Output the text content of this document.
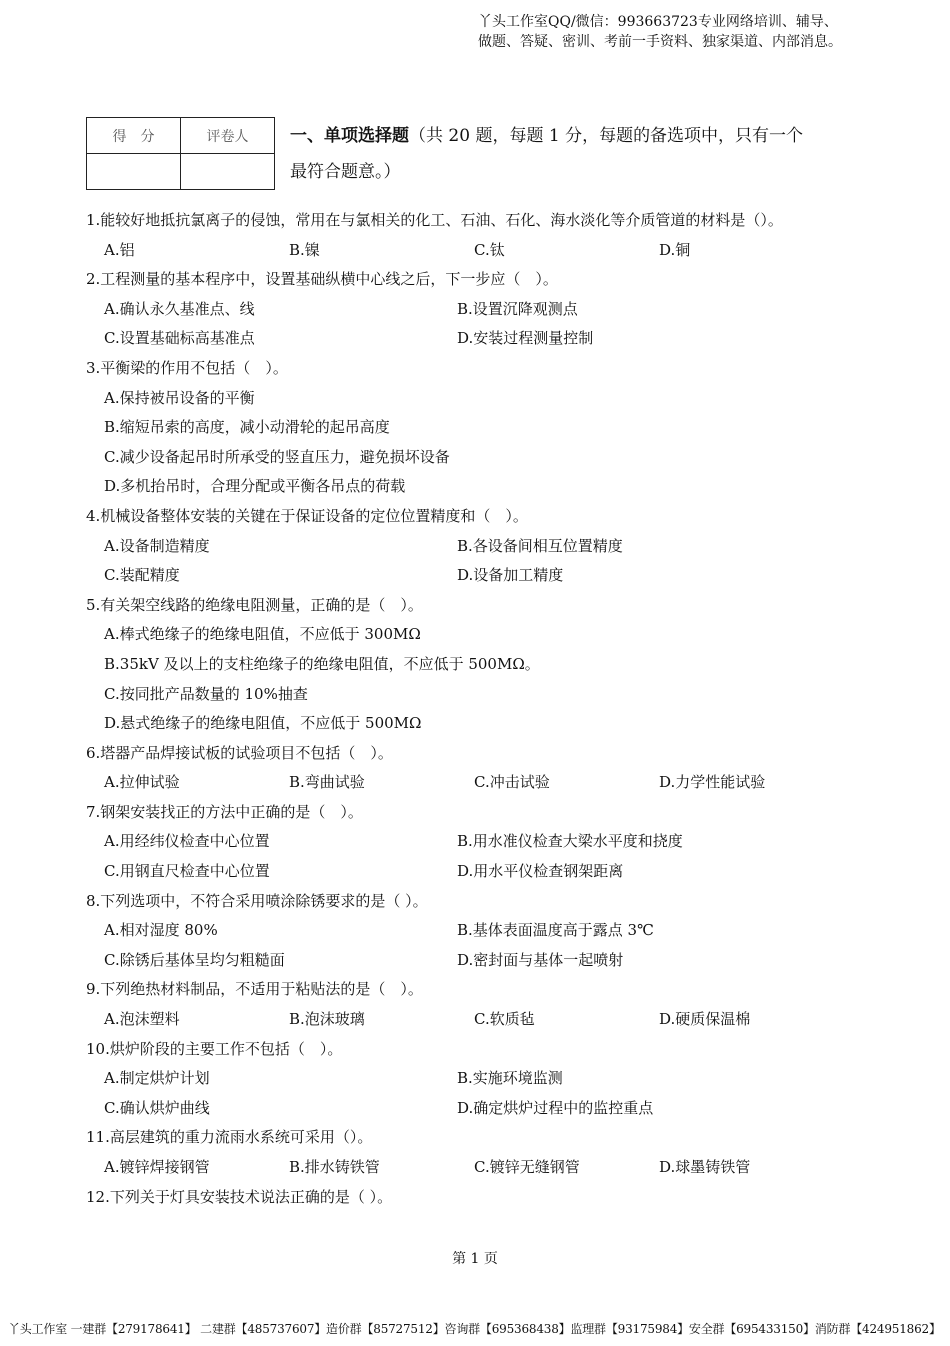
丫头工作室QQ/微信：993663723专业网络培训、辅导、
做题、答疑、密训、考前一手资料、独家渠道、内部消息。
得　分	评卷人
	一、单项选择题（共 20 题，每题 1 分，每题的备选项中，只有一个
最符合题意。）
1.能较好地抵抗氯离子的侵蚀，常用在与氯相关的化工、石油、石化、海水淡化等介质管道的材料是（）。
A.铝	B.镍	C.钛	D.铜
2.工程测量的基本程序中，设置基础纵横中心线之后，下一步应（　）。
A.确认永久基准点、线	B.设置沉降观测点
C.设置基础标高基准点	D.安装过程测量控制
3.平衡梁的作用不包括（　）。
A.保持被吊设备的平衡
B.缩短吊索的高度，减小动滑轮的起吊高度
C.减少设备起吊时所承受的竖直压力，避免损坏设备
D.多机抬吊时，合理分配或平衡各吊点的荷载
4.机械设备整体安装的关键在于保证设备的定位位置精度和（　）。
A.设备制造精度	B.各设备间相互位置精度
C.装配精度	D.设备加工精度
5.有关架空线路的绝缘电阻测量，正确的是（　）。
A.棒式绝缘子的绝缘电阻值，不应低于 300MΩ
B.35kV 及以上的支柱绝缘子的绝缘电阻值，不应低于 500MΩ。
C.按同批产品数量的 10%抽查
D.悬式绝缘子的绝缘电阻值，不应低于 500MΩ
6.塔器产品焊接试板的试验项目不包括（　）。
A.拉伸试验	B.弯曲试验	C.冲击试验	D.力学性能试验
7.钢架安装找正的方法中正确的是（　）。
A.用经纬仪检查中心位置	B.用水准仪检查大梁水平度和挠度
C.用钢直尺检查中心位置	D.用水平仪检查钢架距离
8.下列选项中，不符合采用喷涂除锈要求的是（ ）。
A.相对湿度 80%	B.基体表面温度高于露点 3℃
C.除锈后基体呈均匀粗糙面	D.密封面与基体一起喷射
9.下列绝热材料制品，不适用于粘贴法的是（　）。
A.泡沫塑料	B.泡沫玻璃	C.软质毡	D.硬质保温棉
10.烘炉阶段的主要工作不包括（　）。
A.制定烘炉计划	B.实施环境监测
C.确认烘炉曲线	D.确定烘炉过程中的监控重点
11.高层建筑的重力流雨水系统可采用（）。
A.镀锌焊接钢管	B.排水铸铁管	C.镀锌无缝钢管	D.球墨铸铁管
12.下列关于灯具安装技术说法正确的是（ ）。
第 1 页
丫头工作室 一建群【279178641】 二建群【485737607】造价群【85727512】咨询群【695368438】监理群【93175984】安全群【695433150】消防群【424951862】
